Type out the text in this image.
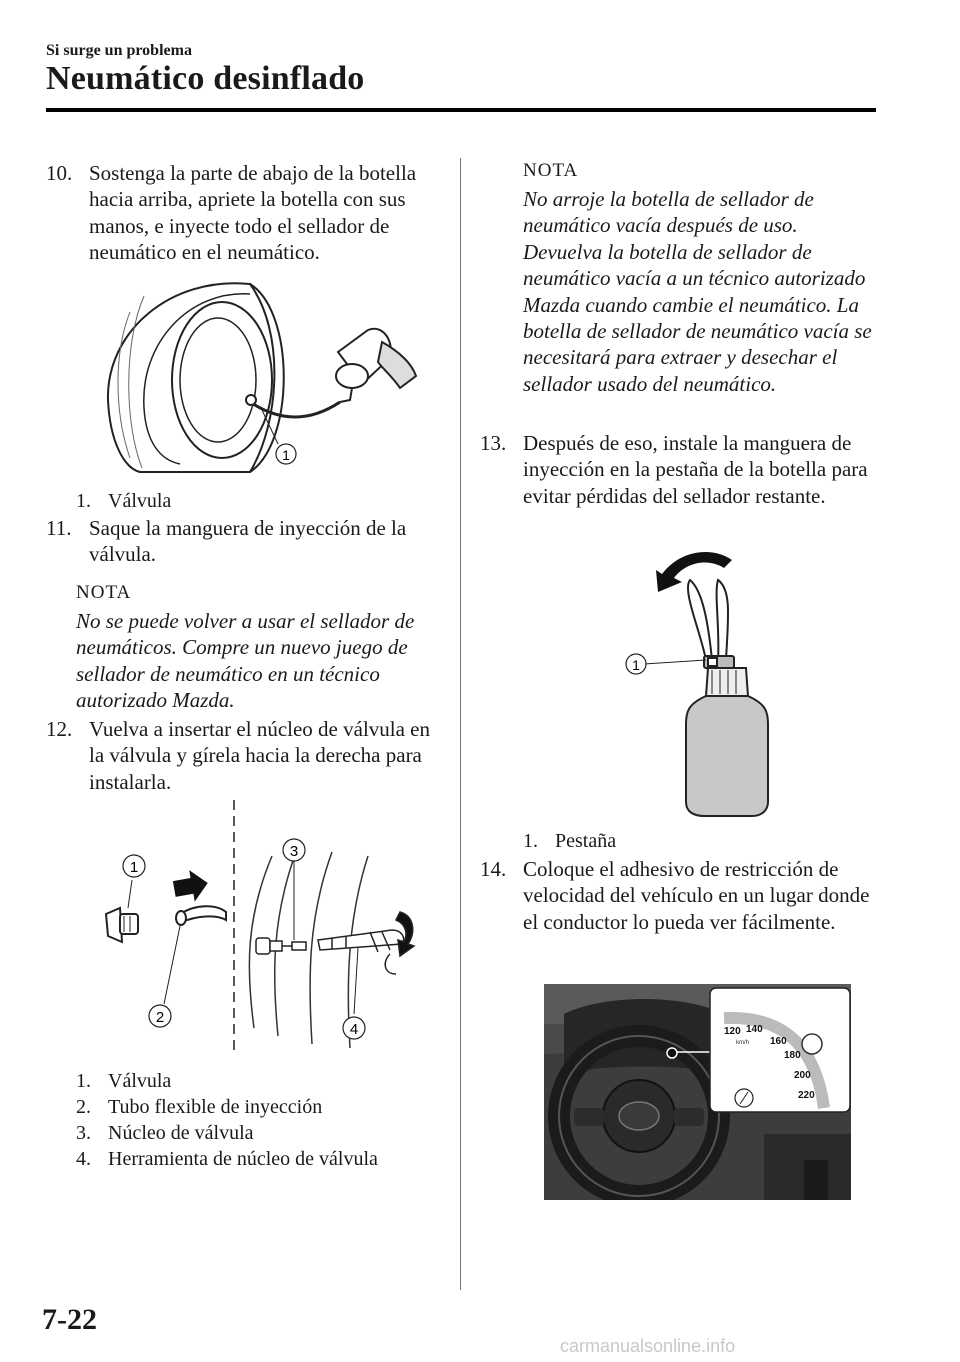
Si surge un problema
Neumático desinflado
10. Sostenga la parte de abajo de la botella hacia arriba, apriete la botella con sus manos, e inyecte todo el sellador de neumático en el neumático.
1
1. Válvula
11. Saque la manguera de inyección de la válvula.
NOTA
No se puede volver a usar el sellador de neumáticos. Compre un nuevo juego de sellador de neumático en un técnico autorizado Mazda.
12. Vuelva a insertar el núcleo de válvula en la válvula y gírela hacia la derecha para instalarla.
1
2
3
4
1. Válvula
2. Tubo flexible de inyección
3. Núcleo de válvula
4. Herramienta de núcleo de válvula
NOTA
No arroje la botella de sellador de neumático vacía después de uso. Devuelva la botella de sellador de neumático vacía a un técnico autorizado Mazda cuando cambie el neumático. La botella de sellador de neumático vacía se necesitará para extraer y desechar el sellador usado del neumático.
13. Después de eso, instale la manguera de inyección en la pestaña de la botella para evitar pérdidas del sellador restante.
1
1. Pestaña
14. Coloque el adhesivo de restricción de velocidad del vehículo en un lugar donde el conductor lo pueda ver fácilmente.
120 140
160
180
200
220
km/h
7-22
carmanualsonline.info
